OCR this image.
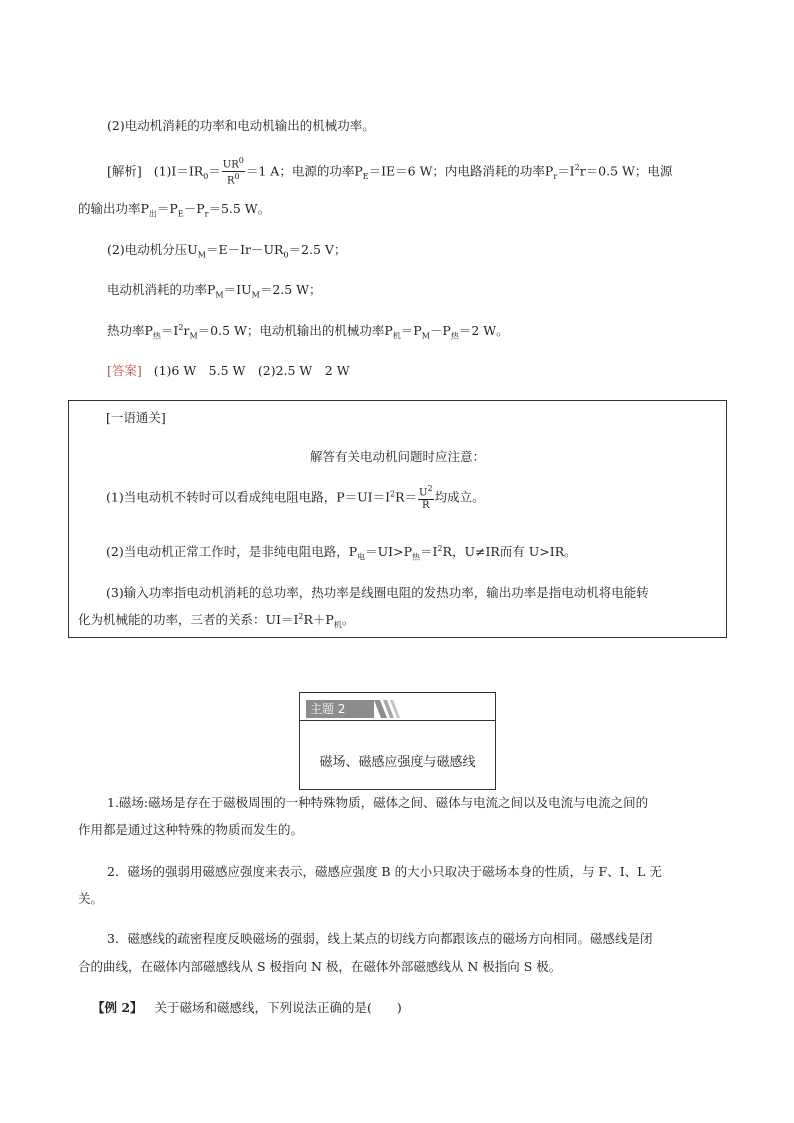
(2)电动机消耗的功率和电动机输出的机械功率。
[解析] $(1)I=IR_0= \frac{UR^0}{R^0} =1$ A；电源的功率$P_E=IE=6$ W；内电路消耗的功率$P_r=I^2r=0.5$ W；电源
的输出功率$P_出=P_E-P_r=5.5$ W。
(2)电动机分压$U_M=E-Ir-UR_0=2.5$ V；
电动机消耗的功率$P_M=IU_M=2.5$ W；
热功率$P_热=I^2r_M=0.5$ W；电动机输出的机械功率$P_机=P_M-P_热=2$ W。
[答案] (1)6 W　5.5 W　(2)2.5 W　2 W
[一语通关]
解答有关电动机问题时应注意：
(1)当电动机不转时可以看成纯电阻电路，$P=UI=I^2R= \frac{U^2}{R}$ 均成立。
(2)当电动机正常工作时，是非纯电阻电路，$P_电=UI>P_热=I^2R$，U≠IR而有 U>IR。
(3)输入功率指电动机消耗的总功率，热功率是线圈电阻的发热功率，输出功率是指电动机将电能转
化为机械能的功率，三者的关系：$UI=I^2R+P_机$。
主题 2
磁场、磁感应强度与磁感线
1.磁场:磁场是存在于磁极周围的一种特殊物质，磁体之间、磁体与电流之间以及电流与电流之间的
作用都是通过这种特殊的物质而发生的。
2．磁场的强弱用磁感应强度来表示，磁感应强度 B 的大小只取决于磁场本身的性质，与 F、I、L 无
关。
3．磁感线的疏密程度反映磁场的强弱，线上某点的切线方向都跟该点的磁场方向相同。磁感线是闭
合的曲线，在磁体内部磁感线从 S 极指向 N 极，在磁体外部磁感线从 N 极指向 S 极。
【例 2】 关于磁场和磁感线，下列说法正确的是(　　)
